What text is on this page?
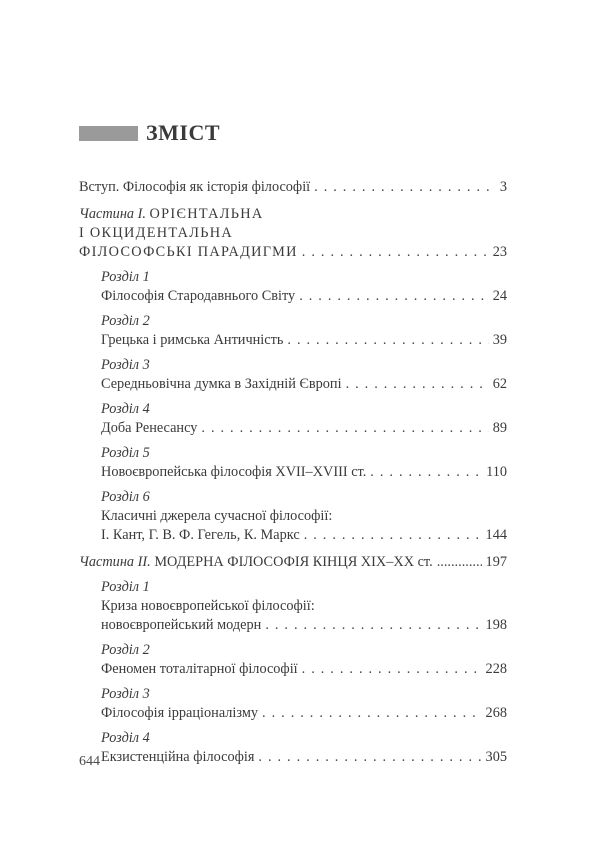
ЗМІСТ
Вступ. Філософія як історія філософії . . .	3
Частина I. ОРІЄНТАЛЬНА
І ОКЦИДЕНТАЛЬНА
ФІЛОСОФСЬКІ ПАРАДИГМИ . . .	23
Розділ 1
Філософія Стародавнього Світу . . .	24
Розділ 2
Грецька і римська Античність . . .	39
Розділ 3
Середньовічна думка в Західній Європі . . .	62
Розділ 4
Доба Ренесансу . . .	89
Розділ 5
Новоєвропейська філософія XVII–XVIII ст. . . .	110
Розділ 6
Класичні джерела сучасної філософії:
І. Кант, Г. В. Ф. Гегель, К. Маркс . . .	144
Частина II. МОДЕРНА ФІЛОСОФІЯ КІНЦЯ XIX–XX ст. .....	197
Розділ 1
Криза новоєвропейської філософії:
новоєвропейський модерн . . .	198
Розділ 2
Феномен тоталітарної філософії . . .	228
Розділ 3
Філософія ірраціоналізму . . .	268
Розділ 4
Екзистенційна філософія . . .	305
644
